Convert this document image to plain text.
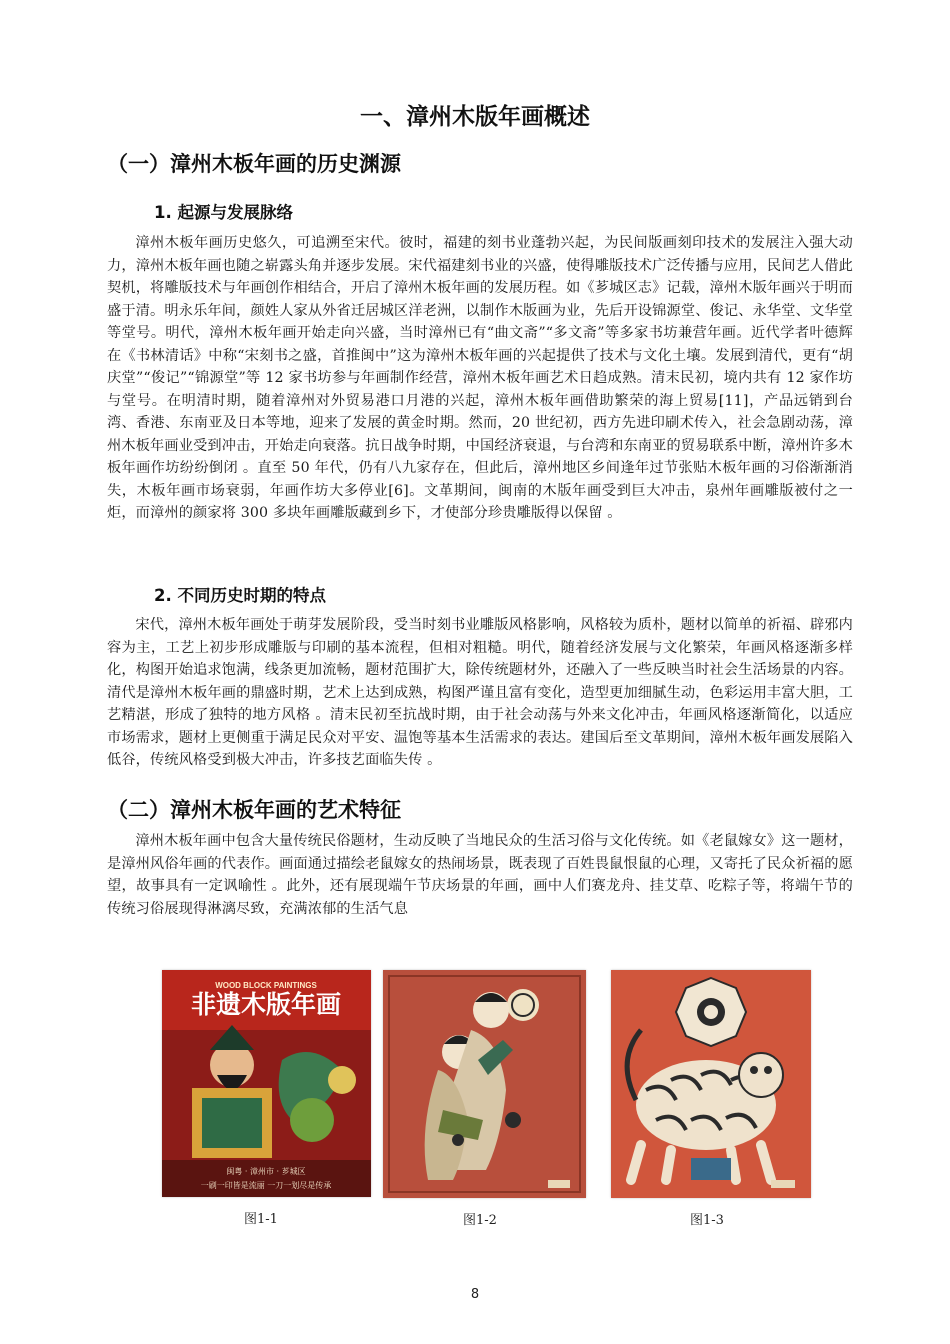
一、漳州木版年画概述
（一）漳州木板年画的历史渊源
1. 起源与发展脉络
漳州木板年画历史悠久，可追溯至宋代。彼时，福建的刻书业蓬勃兴起，为民间版画刻印技术的发展注入强大动力，漳州木板年画也随之崭露头角并逐步发展。宋代福建刻书业的兴盛，使得雕版技术广泛传播与应用，民间艺人借此契机，将雕版技术与年画创作相结合，开启了漳州木板年画的发展历程。如《芗城区志》记载，漳州木版年画兴于明而盛于清。明永乐年间，颜姓人家从外省迁居城区洋老洲，以制作木版画为业，先后开设锦源堂、俊记、永华堂、文华堂等堂号。明代，漳州木板年画开始走向兴盛，当时漳州已有“曲文斋”“多文斋”等多家书坊兼营年画。近代学者叶德辉在《书林清话》中称“宋刻书之盛，首推闽中”这为漳州木板年画的兴起提供了技术与文化土壤。发展到清代，更有“胡庆堂”“俊记”“锦源堂”等 12 家书坊参与年画制作经营，漳州木板年画艺术日趋成熟。清末民初，境内共有 12 家作坊与堂号。在明清时期，随着漳州对外贸易港口月港的兴起，漳州木板年画借助繁荣的海上贸易[11]，产品远销到台湾、香港、东南亚及日本等地，迎来了发展的黄金时期。然而，20 世纪初，西方先进印刷术传入，社会急剧动荡，漳州木板年画业受到冲击，开始走向衰落。抗日战争时期，中国经济衰退，与台湾和东南亚的贸易联系中断，漳州许多木板年画作坊纷纷倒闭 。直至 50 年代，仍有八九家存在，但此后，漳州地区乡间逢年过节张贴木板年画的习俗渐渐消失，木板年画市场衰弱，年画作坊大多停业[6]。文革期间，闽南的木版年画受到巨大冲击，泉州年画雕版被付之一炬，而漳州的颜家将 300 多块年画雕版藏到乡下，才使部分珍贵雕版得以保留 。
2. 不同历史时期的特点
宋代，漳州木板年画处于萌芽发展阶段，受当时刻书业雕版风格影响，风格较为质朴，题材以简单的祈福、辟邪内容为主，工艺上初步形成雕版与印刷的基本流程，但相对粗糙。明代，随着经济发展与文化繁荣，年画风格逐渐多样化，构图开始追求饱满，线条更加流畅，题材范围扩大，除传统题材外，还融入了一些反映当时社会生活场景的内容。清代是漳州木板年画的鼎盛时期，艺术上达到成熟，构图严谨且富有变化，造型更加细腻生动，色彩运用丰富大胆，工艺精湛，形成了独特的地方风格 。清末民初至抗战时期，由于社会动荡与外来文化冲击，年画风格逐渐简化，以适应市场需求，题材上更侧重于满足民众对平安、温饱等基本生活需求的表达。建国后至文革期间，漳州木板年画发展陷入低谷，传统风格受到极大冲击，许多技艺面临失传 。
（二）漳州木板年画的艺术特征
漳州木板年画中包含大量传统民俗题材，生动反映了当地民众的生活习俗与文化传统。如《老鼠嫁女》这一题材，是漳州风俗年画的代表作。画面通过描绘老鼠嫁女的热闹场景，既表现了百姓畏鼠恨鼠的心理，又寄托了民众祈福的愿望，故事具有一定讽喻性 。此外，还有展现端午节庆场景的年画，画中人们赛龙舟、挂艾草、吃粽子等，将端午节的传统习俗展现得淋漓尽致，充满浓郁的生活气息
WOOD BLOCK PAINTINGS
非遗木版年画
闽粤 · 漳州市 · 芗城区
一刷一印皆是流丽 一刀一划尽是传承
图1-1	图1-2	图1-3
8
